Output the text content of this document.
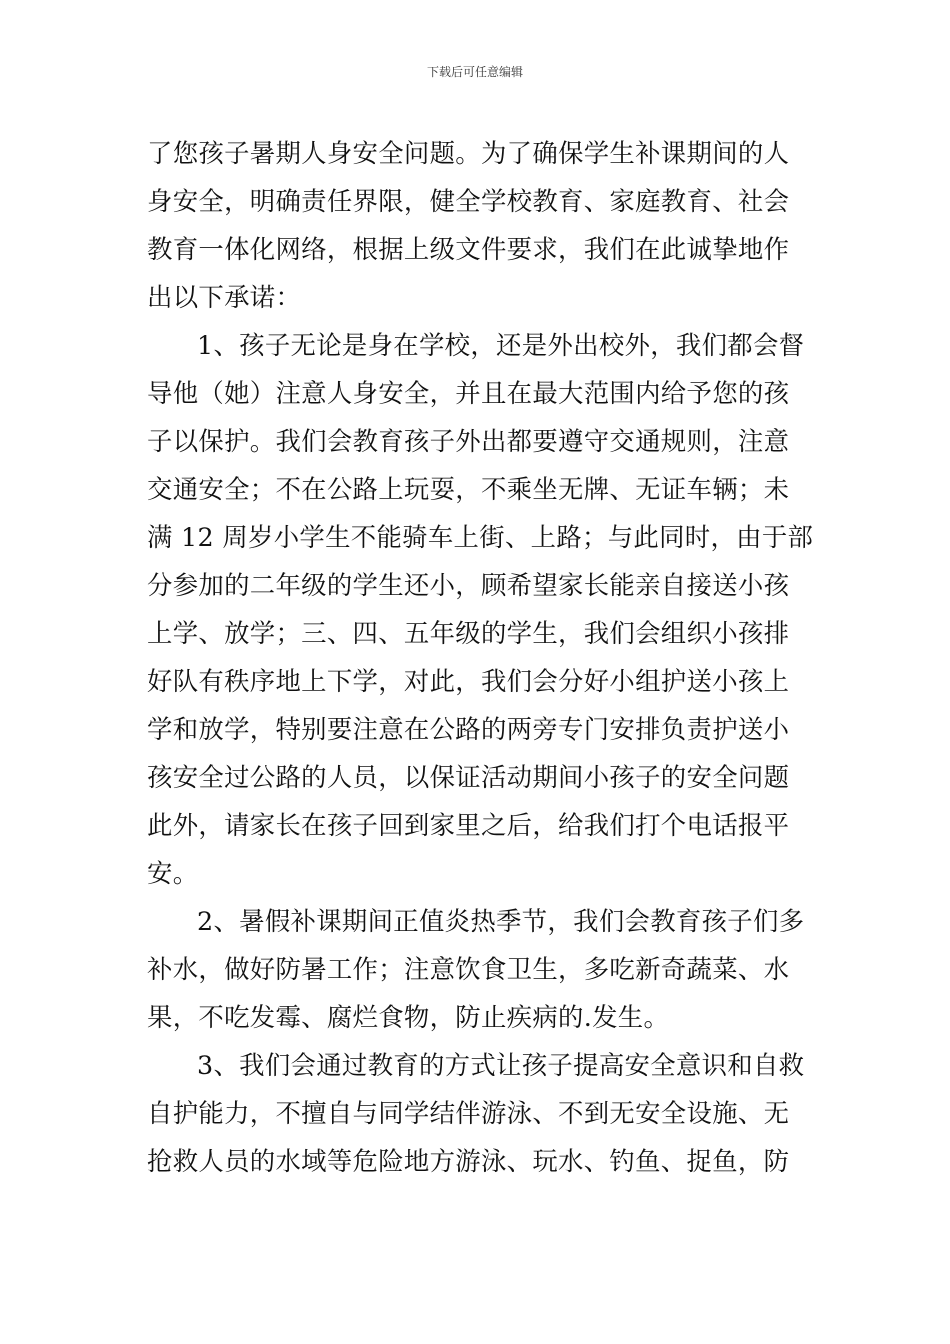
下载后可任意编辑
了您孩子暑期人身安全问题。为了确保学生补课期间的人
身安全，明确责任界限，健全学校教育、家庭教育、社会
教育一体化网络，根据上级文件要求，我们在此诚挚地作
出以下承诺：
1、孩子无论是身在学校，还是外出校外，我们都会督
导他（她）注意人身安全，并且在最大范围内给予您的孩
子以保护。我们会教育孩子外出都要遵守交通规则，注意
交通安全；不在公路上玩耍，不乘坐无牌、无证车辆；未
满 12 周岁小学生不能骑车上街、上路；与此同时，由于部
分参加的二年级的学生还小，顾希望家长能亲自接送小孩
上学、放学；三、四、五年级的学生，我们会组织小孩排
好队有秩序地上下学，对此，我们会分好小组护送小孩上
学和放学，特别要注意在公路的两旁专门安排负责护送小
孩安全过公路的人员，以保证活动期间小孩子的安全问题
此外，请家长在孩子回到家里之后，给我们打个电话报平
安。
2、暑假补课期间正值炎热季节，我们会教育孩子们多
补水，做好防暑工作；注意饮食卫生，多吃新奇蔬菜、水
果，不吃发霉、腐烂食物，防止疾病的.发生。
3、我们会通过教育的方式让孩子提高安全意识和自救
自护能力，不擅自与同学结伴游泳、不到无安全设施、无
抢救人员的水域等危险地方游泳、玩水、钓鱼、捉鱼，防
